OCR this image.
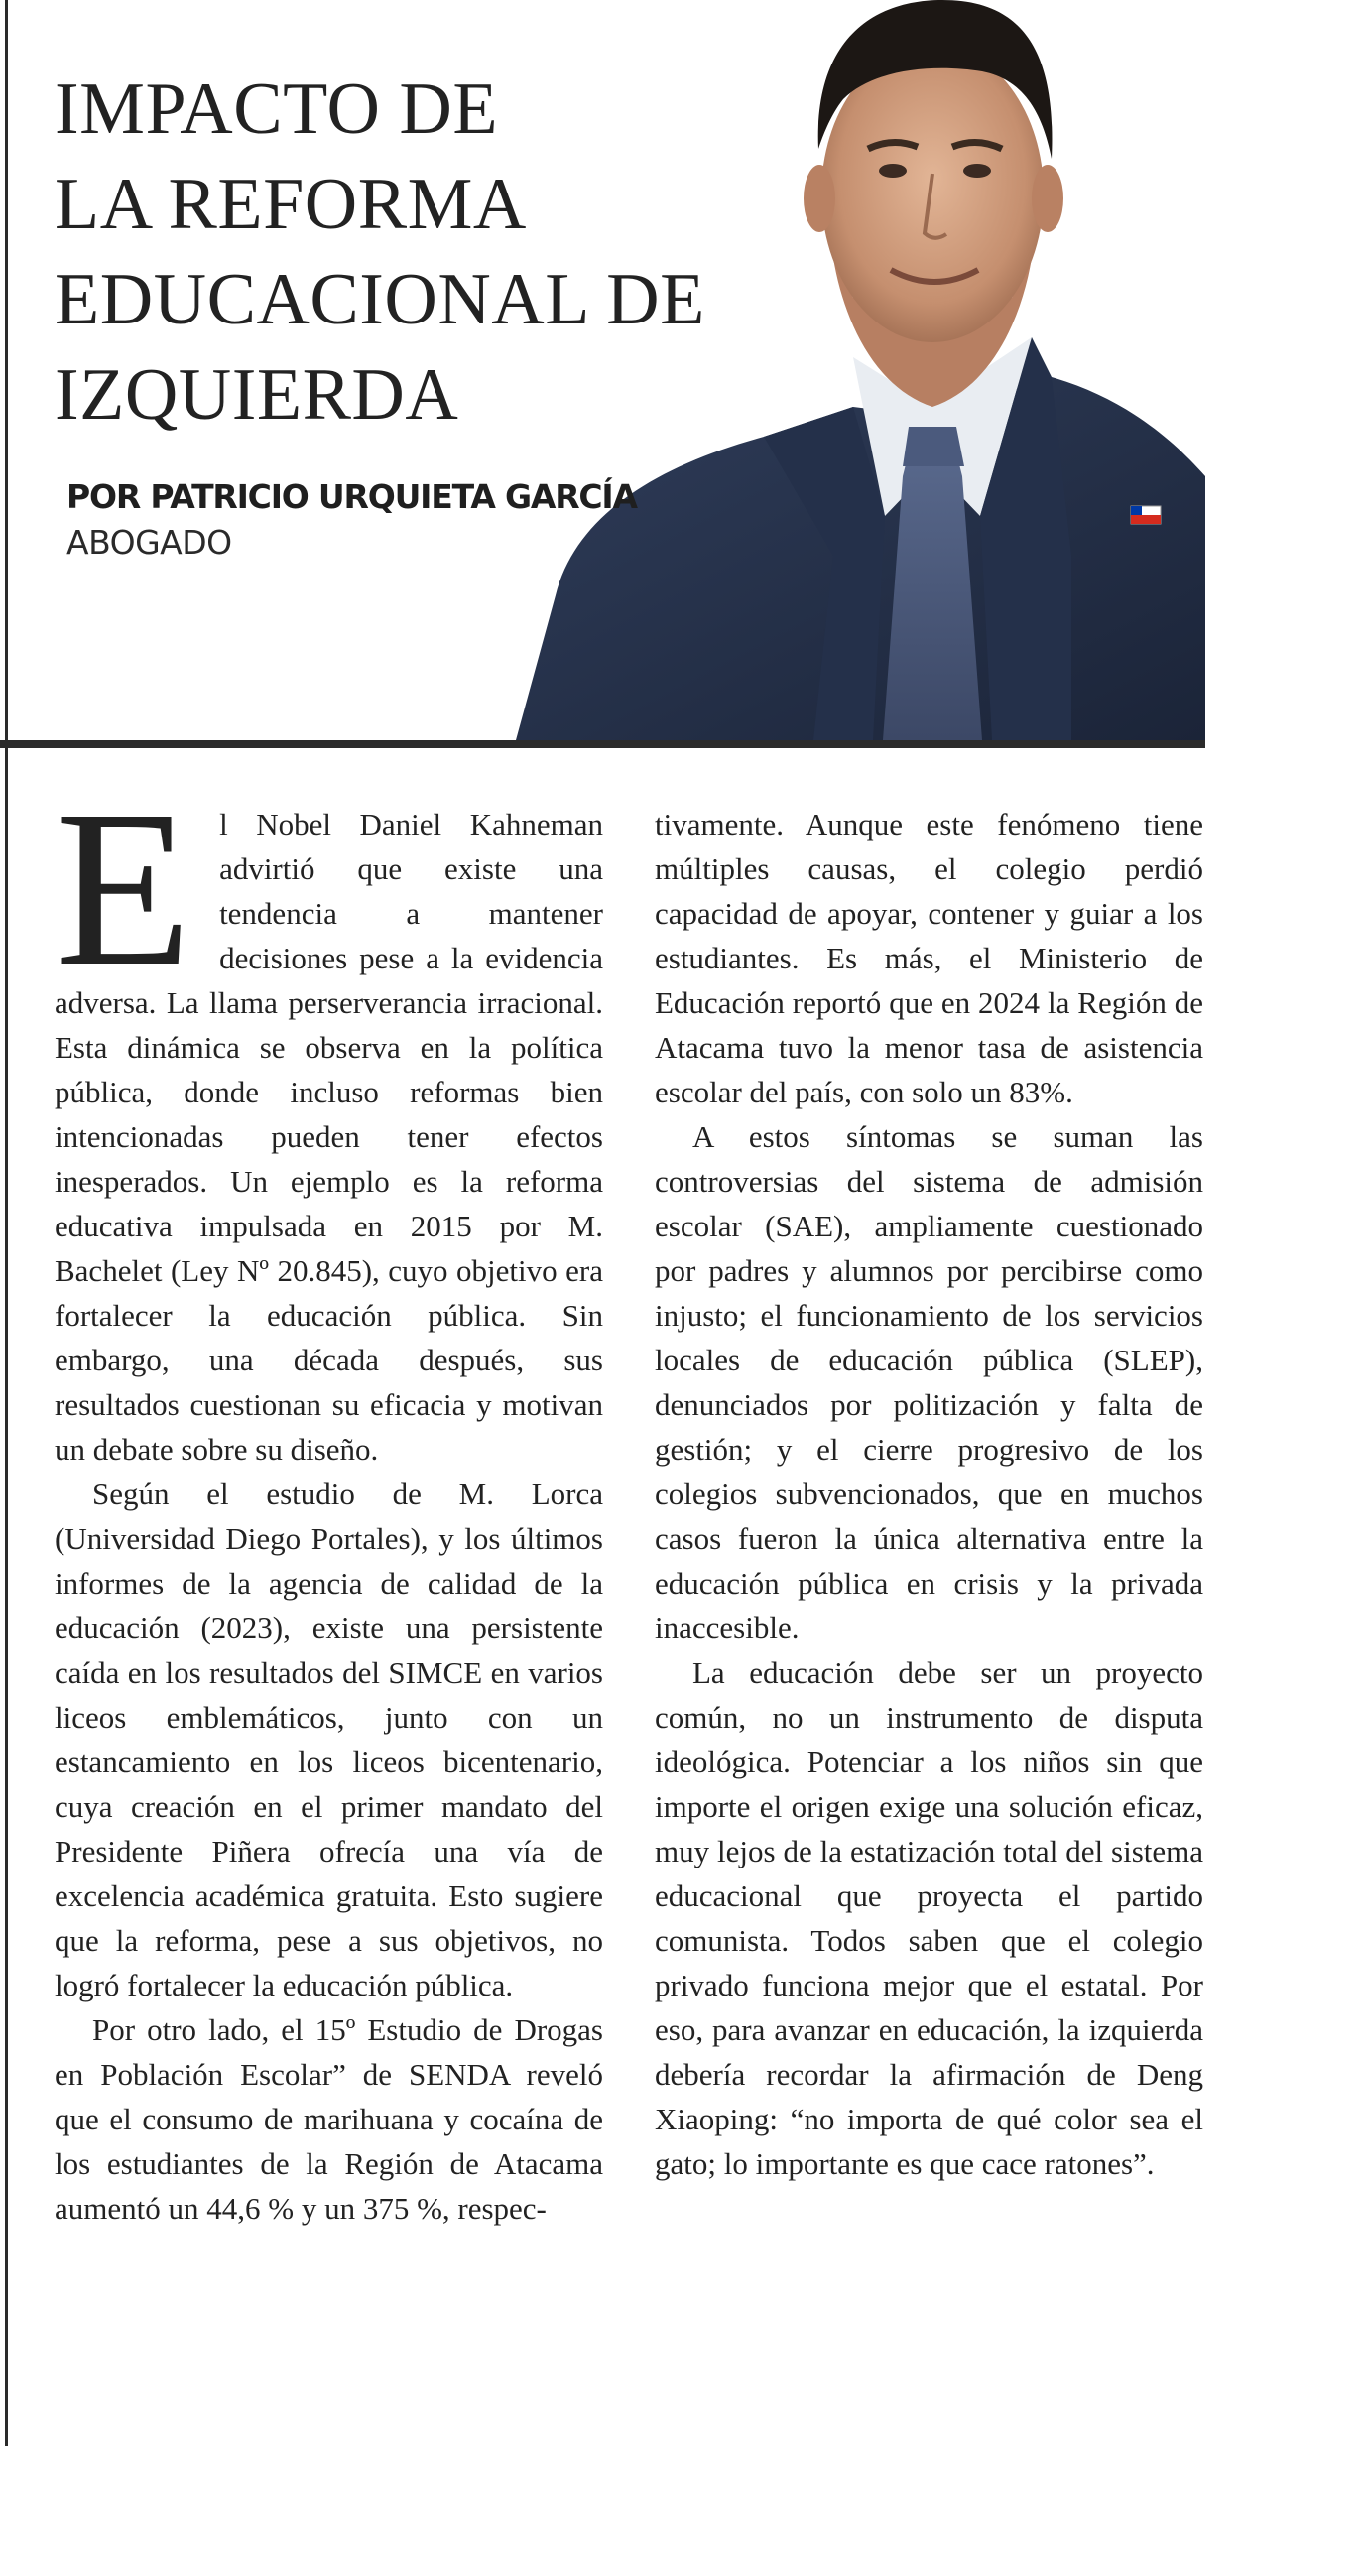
IMPACTO DE
LA REFORMA
EDUCACIONAL DE
IZQUIERDA
POR PATRICIO URQUIETA GARCÍA
ABOGADO

El Nobel Daniel Kahneman advirtió que existe una tendencia a mantener decisiones pese a la evidencia adversa. La llama perserverancia irracional. Esta dinámica se observa en la política pública, donde incluso reformas bien intencionadas pueden tener efectos inesperados. Un ejemplo es la reforma educativa impulsada en 2015 por M. Bachelet (Ley Nº 20.845), cuyo objetivo era fortalecer la educación pública. Sin embargo, una década después, sus resultados cuestionan su eficacia y motivan un debate sobre su diseño.

Según el estudio de M. Lorca (Universidad Diego Portales), y los últimos informes de la agencia de calidad de la educación (2023), existe una persistente caída en los resultados del SIMCE en varios liceos emblemáticos, junto con un estancamiento en los liceos bicentenario, cuya creación en el primer mandato del Presidente Piñera ofrecía una vía de excelencia académica gratuita. Esto sugiere que la reforma, pese a sus objetivos, no logró fortalecer la educación pública.

Por otro lado, el 15º Estudio de Drogas en Población Escolar” de SENDA reveló que el consumo de marihuana y cocaína de los estudiantes de la Región de Atacama aumentó un 44,6 % y un 375 %, respec-

tivamente. Aunque este fenómeno tiene múltiples causas, el colegio perdió capacidad de apoyar, contener y guiar a los estudiantes. Es más, el Ministerio de Educación reportó que en 2024 la Región de Atacama tuvo la menor tasa de asistencia escolar del país, con solo un 83%.

A estos síntomas se suman las controversias del sistema de admisión escolar (SAE), ampliamente cuestionado por padres y alumnos por percibirse como injusto; el funcionamiento de los servicios locales de educación pública (SLEP), denunciados por politización y falta de gestión; y el cierre progresivo de los colegios subvencionados, que en muchos casos fueron la única alternativa entre la educación pública en crisis y la privada inaccesible.

La educación debe ser un proyecto común, no un instrumento de disputa ideológica. Potenciar a los niños sin que importe el origen exige una solución eficaz, muy lejos de la estatización total del sistema educacional que proyecta el partido comunista. Todos saben que el colegio privado funciona mejor que el estatal. Por eso, para avanzar en educación, la izquierda debería recordar la afirmación de Deng Xiaoping: “no importa de qué color sea el gato; lo importante es que cace ratones”.
